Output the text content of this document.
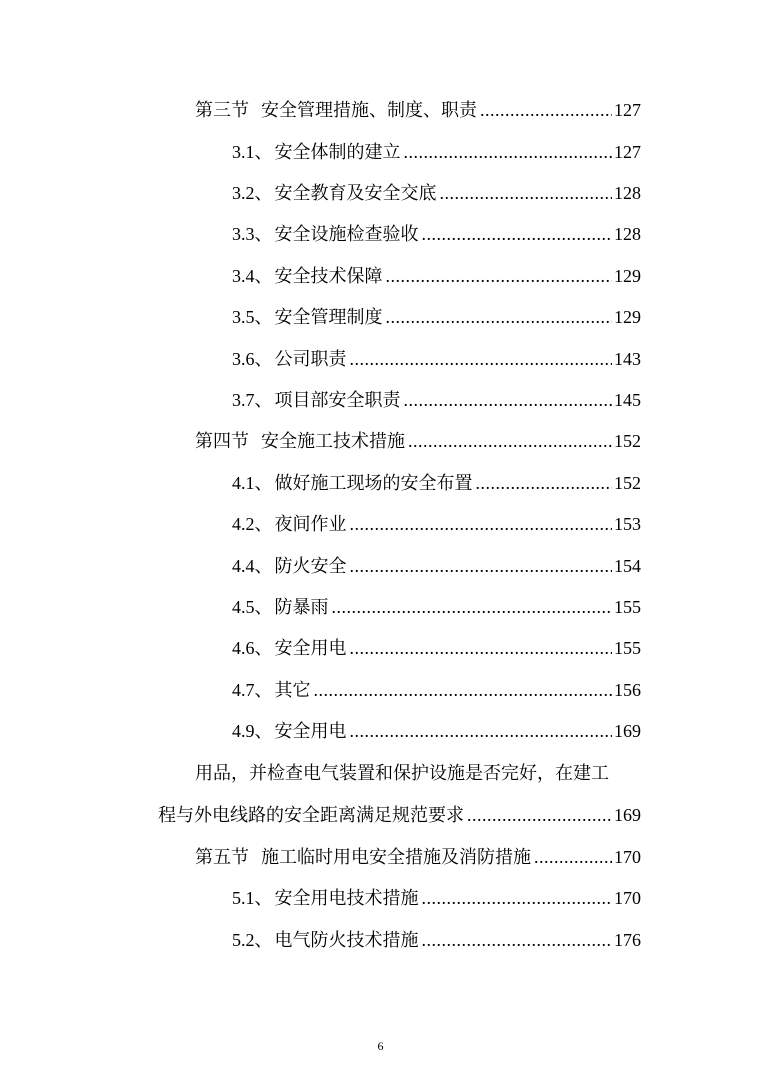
第三节 安全管理措施、制度、职责 .....	127
3.1、 安全体制的建立 .....	127
3.2、 安全教育及安全交底 .....	128
3.3、 安全设施检查验收 .....	128
3.4、 安全技术保障 .....	129
3.5、 安全管理制度 .....	129
3.6、 公司职责 .....	143
3.7、 项目部安全职责 .....	145
第四节 安全施工技术措施 .....	152
4.1、 做好施工现场的安全布置 .....	152
4.2、 夜间作业 .....	153
4.4、 防火安全 .....	154
4.5、 防暴雨 .....	155
4.6、 安全用电 .....	155
4.7、 其它 .....	156
4.9、 安全用电 .....	169
用品，并检查电气装置和保护设施是否完好，在建工
程与外电线路的安全距离满足规范要求 .....	169
第五节 施工临时用电安全措施及消防措施 .....	170
5.1、 安全用电技术措施 .....	170
5.2、 电气防火技术措施 .....	176
6
